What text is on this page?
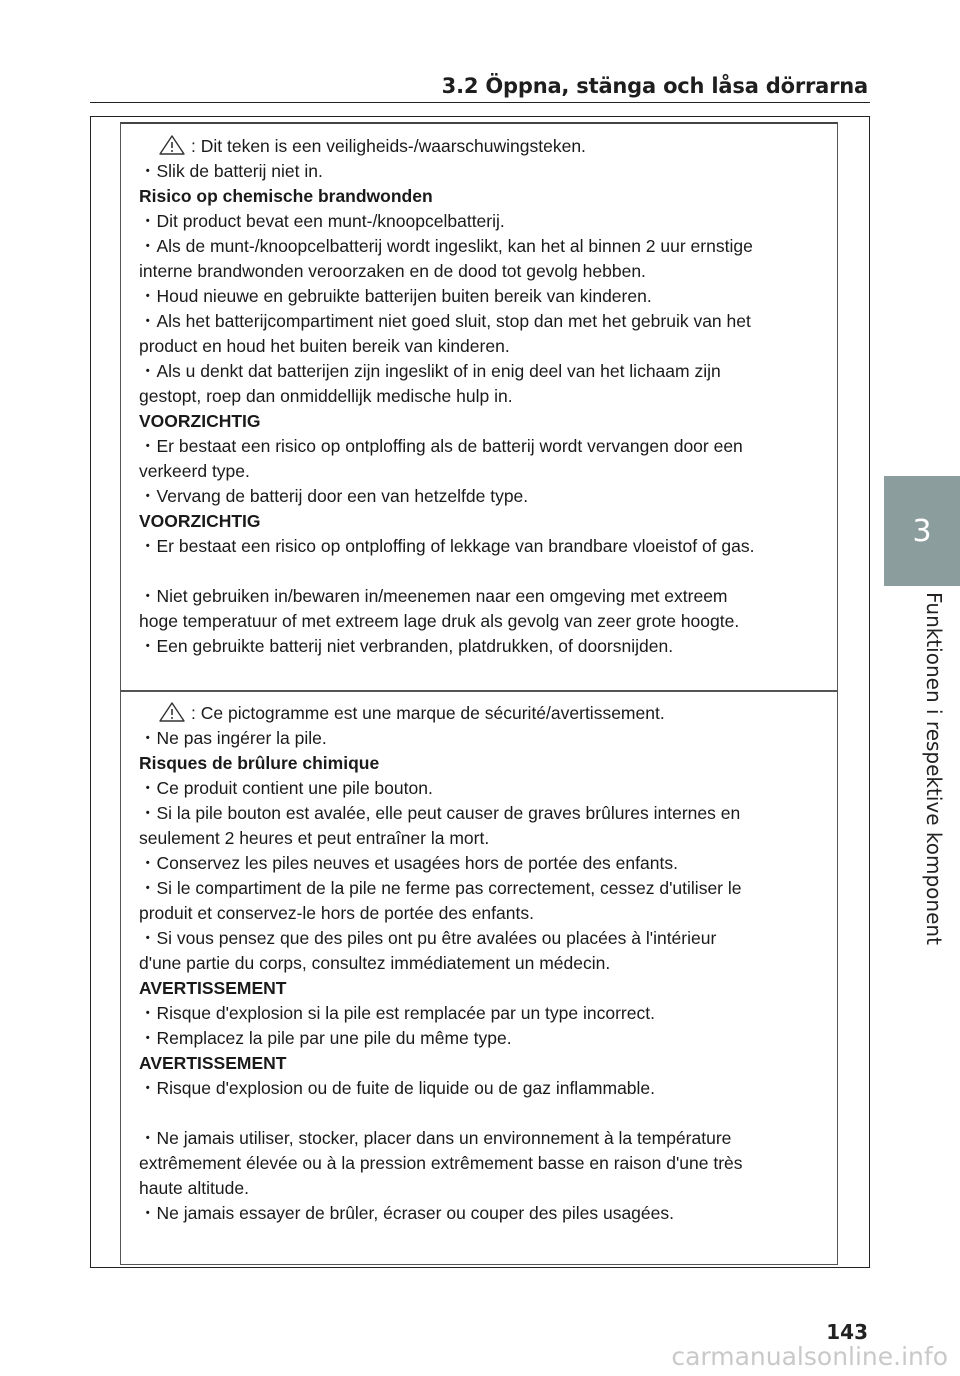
3.2 Öppna, stänga och låsa dörrarna
3
Funktionen i respektive komponent
: Dit teken is een veiligheids-/waarschuwingsteken.
・Slik de batterij niet in.
Risico op chemische brandwonden
・Dit product bevat een munt-/knoopcelbatterij.
・Als de munt-/knoopcelbatterij wordt ingeslikt, kan het al binnen 2 uur ernstige
interne brandwonden veroorzaken en de dood tot gevolg hebben.
・Houd nieuwe en gebruikte batterijen buiten bereik van kinderen.
・Als het batterijcompartiment niet goed sluit, stop dan met het gebruik van het
product en houd het buiten bereik van kinderen.
・Als u denkt dat batterijen zijn ingeslikt of in enig deel van het lichaam zijn
gestopt, roep dan onmiddellijk medische hulp in.
VOORZICHTIG
・Er bestaat een risico op ontploffing als de batterij wordt vervangen door een
verkeerd type.
・Vervang de batterij door een van hetzelfde type.
VOORZICHTIG
・Er bestaat een risico op ontploffing of lekkage van brandbare vloeistof of gas.
・Niet gebruiken in/bewaren in/meenemen naar een omgeving met extreem
hoge temperatuur of met extreem lage druk als gevolg van zeer grote hoogte.
・Een gebruikte batterij niet verbranden, platdrukken, of doorsnijden.
: Ce pictogramme est une marque de sécurité/avertissement.
・Ne pas ingérer la pile.
Risques de brûlure chimique
・Ce produit contient une pile bouton.
・Si la pile bouton est avalée, elle peut causer de graves brûlures internes en
seulement 2 heures et peut entraîner la mort.
・Conservez les piles neuves et usagées hors de portée des enfants.
・Si le compartiment de la pile ne ferme pas correctement, cessez d'utiliser le
produit et conservez-le hors de portée des enfants.
・Si vous pensez que des piles ont pu être avalées ou placées à l'intérieur
d'une partie du corps, consultez immédiatement un médecin.
AVERTISSEMENT
・Risque d'explosion si la pile est remplacée par un type incorrect.
・Remplacez la pile par une pile du même type.
AVERTISSEMENT
・Risque d'explosion ou de fuite de liquide ou de gaz inflammable.
・Ne jamais utiliser, stocker, placer dans un environnement à la température
extrêmement élevée ou à la pression extrêmement basse en raison d'une très
haute altitude.
・Ne jamais essayer de brûler, écraser ou couper des piles usagées.
143
carmanualsonline.info
